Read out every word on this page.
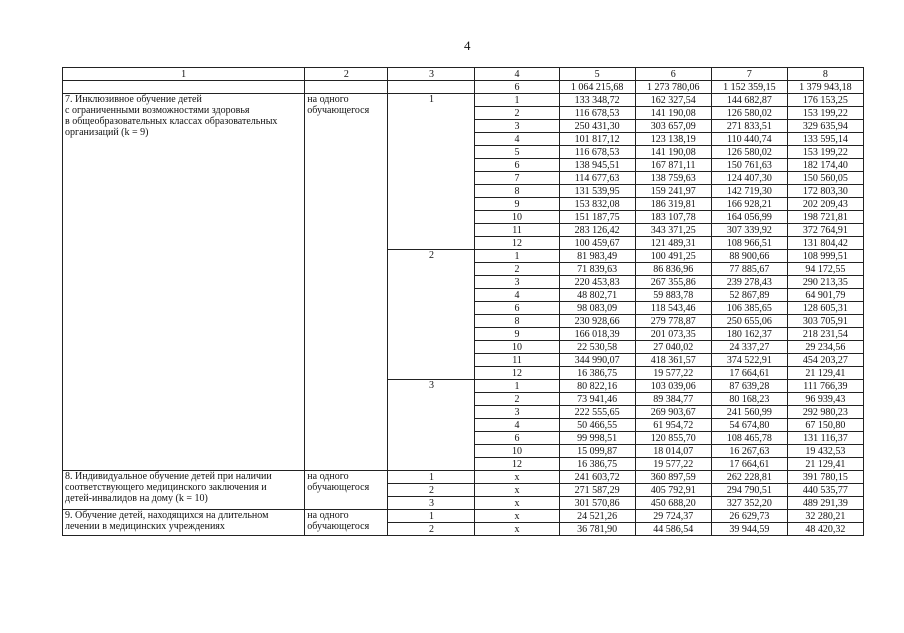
4
1	2	3	4	5	6	7	8
			6	1 064 215,68	1 273 780,06	1 152 359,15	1 379 943,18

7. Инклюзивное обучение детей
с ограниченными возможностями здоровья
в общеобразовательных классах образовательных
организаций (k = 9)	на одного
обучающегося	1	1	133 348,72	162 327,54	144 682,87	176 153,25
			2	116 678,53	141 190,08	126 580,02	153 199,22
			3	250 431,30	303 657,09	271 833,51	329 635,94
			4	101 817,12	123 138,19	110 440,74	133 595,14
			5	116 678,53	141 190,08	126 580,02	153 199,22
			6	138 945,51	167 871,11	150 761,63	182 174,40
			7	114 677,63	138 759,63	124 407,30	150 560,05
			8	131 539,95	159 241,97	142 719,30	172 803,30
			9	153 832,08	186 319,81	166 928,21	202 209,43
			10	151 187,75	183 107,78	164 056,99	198 721,81
			11	283 126,42	343 371,25	307 339,92	372 764,91
			12	100 459,67	121 489,31	108 966,51	131 804,42
		2	1	81 983,49	100 491,25	88 900,66	108 999,51
			2	71 839,63	86 836,96	77 885,67	94 172,55
			3	220 453,83	267 355,86	239 278,43	290 213,35
			4	48 802,71	59 883,78	52 867,89	64 901,79
			6	98 083,09	118 543,46	106 385,65	128 605,31
			8	230 928,66	279 778,87	250 655,06	303 705,91
			9	166 018,39	201 073,35	180 162,37	218 231,54
			10	22 530,58	27 040,02	24 337,27	29 234,56
			11	344 990,07	418 361,57	374 522,91	454 203,27
			12	16 386,75	19 577,22	17 664,61	21 129,41
		3	1	80 822,16	103 039,06	87 639,28	111 766,39
			2	73 941,46	89 384,77	80 168,23	96 939,43
			3	222 555,65	269 903,67	241 560,99	292 980,23
			4	50 466,55	61 954,72	54 674,80	67 150,80
			6	99 998,51	120 855,70	108 465,78	131 116,37
			10	15 099,87	18 014,07	16 267,63	19 432,53
			12	16 386,75	19 577,22	17 664,61	21 129,41

8. Индивидуальное обучение детей при наличии
соответствующего медицинского заключения и
детей-инвалидов на дому (k = 10)	на одного
обучающегося	1	x	241 603,72	360 897,59	262 228,81	391 780,15
		2	x	271 587,29	405 792,91	294 790,51	440 535,77
		3	x	301 570,86	450 688,20	327 352,20	489 291,39

9. Обучение детей, находящихся на длительном
лечении в медицинских учреждениях	на одного
обучающегося	1	x	24 521,26	29 724,37	26 629,73	32 280,21
		2	x	36 781,90	44 586,54	39 944,59	48 420,32
